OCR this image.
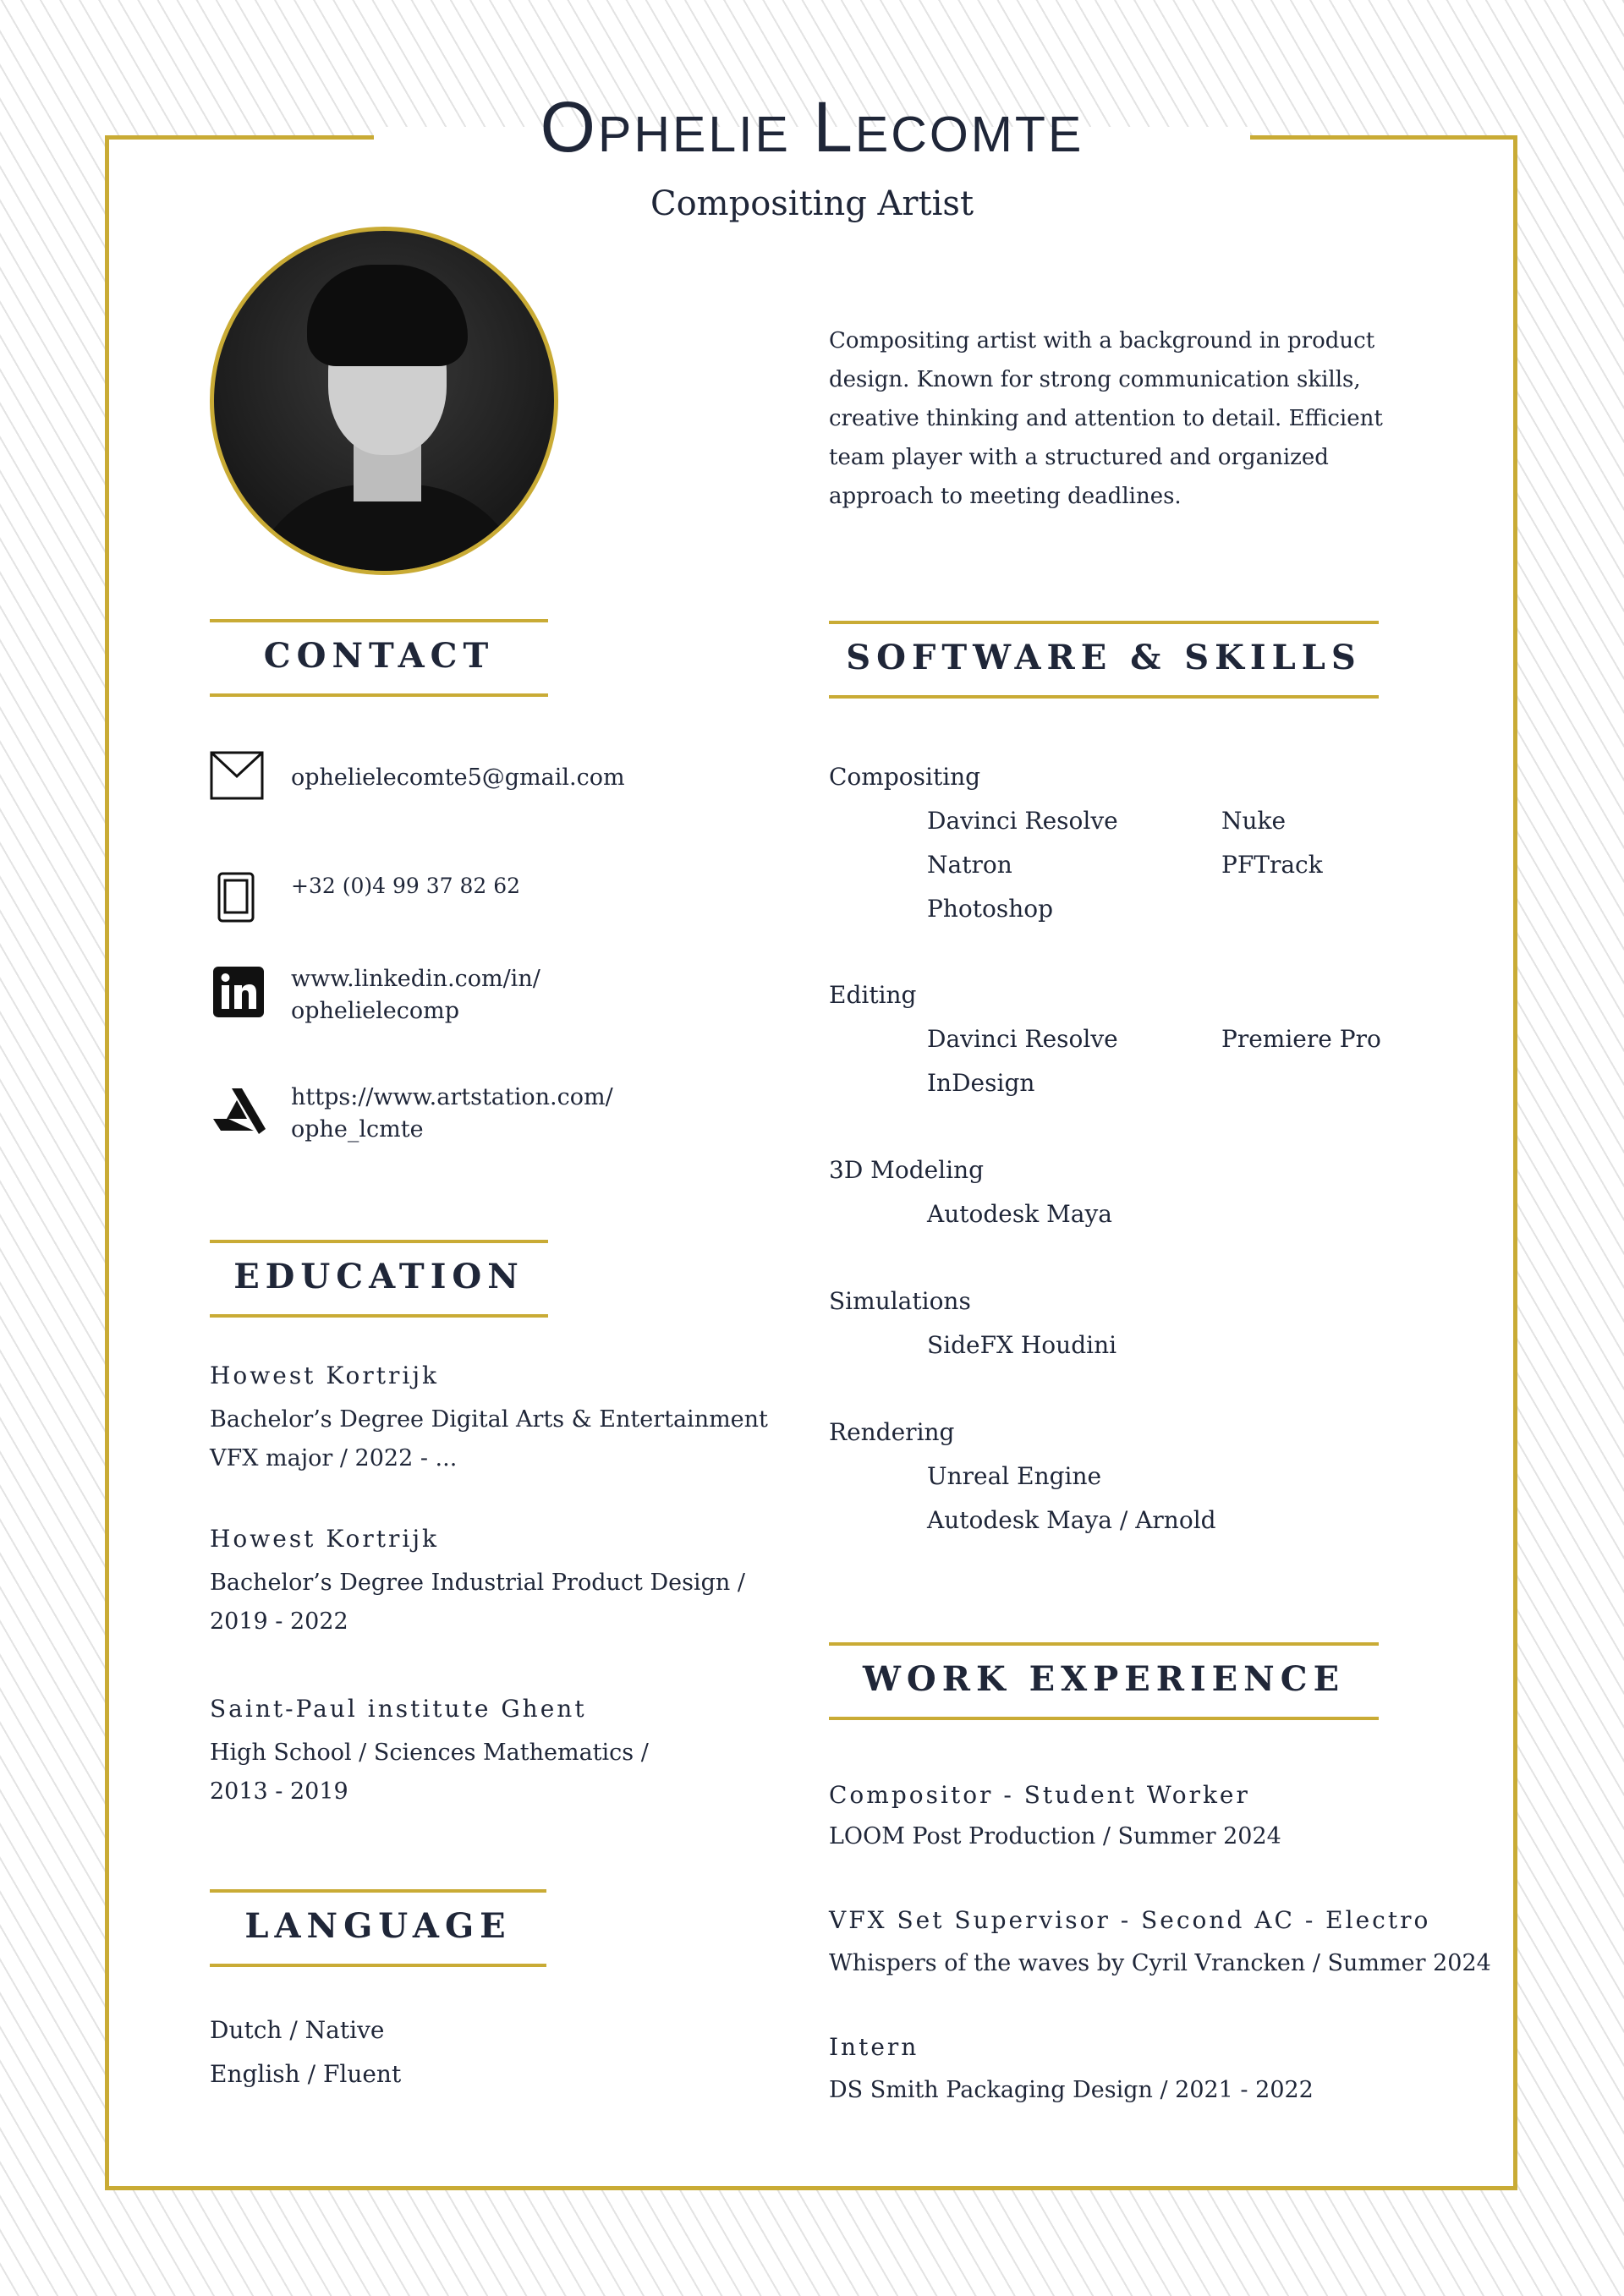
Ophelie Lecomte
Compositing Artist
Compositing artist with a background in product design. Known for strong communication skills, creative thinking and attention to detail. Efficient team player with a structured and organized approach to meeting deadlines.
CONTACT
ophelielecomte5@gmail.com
+32 (0)4 99 37 82 62
www.linkedin.com/in/
ophelielecomp
https://www.artstation.com/
ophe_lcmte
EDUCATION
Howest Kortrijk
Bachelor’s Degree Digital Arts & Entertainment
VFX major / 2022 - ...
Howest Kortrijk
Bachelor’s Degree Industrial Product Design /
2019 - 2022
Saint-Paul institute Ghent
High School / Sciences Mathematics /
2013 - 2019
LANGUAGE
Dutch / Native
English / Fluent
SOFTWARE & SKILLS
Compositing
Davinci Resolve	Nuke
Natron	PFTrack
Photoshop
Editing
Davinci Resolve	Premiere Pro
InDesign
3D Modeling
Autodesk Maya
Simulations
SideFX Houdini
Rendering
Unreal Engine
Autodesk Maya / Arnold
WORK EXPERIENCE
Compositor - Student Worker
LOOM Post Production / Summer 2024
VFX Set Supervisor - Second AC - Electro
Whispers of the waves by Cyril Vrancken / Summer 2024
Intern
DS Smith Packaging Design / 2021 - 2022
